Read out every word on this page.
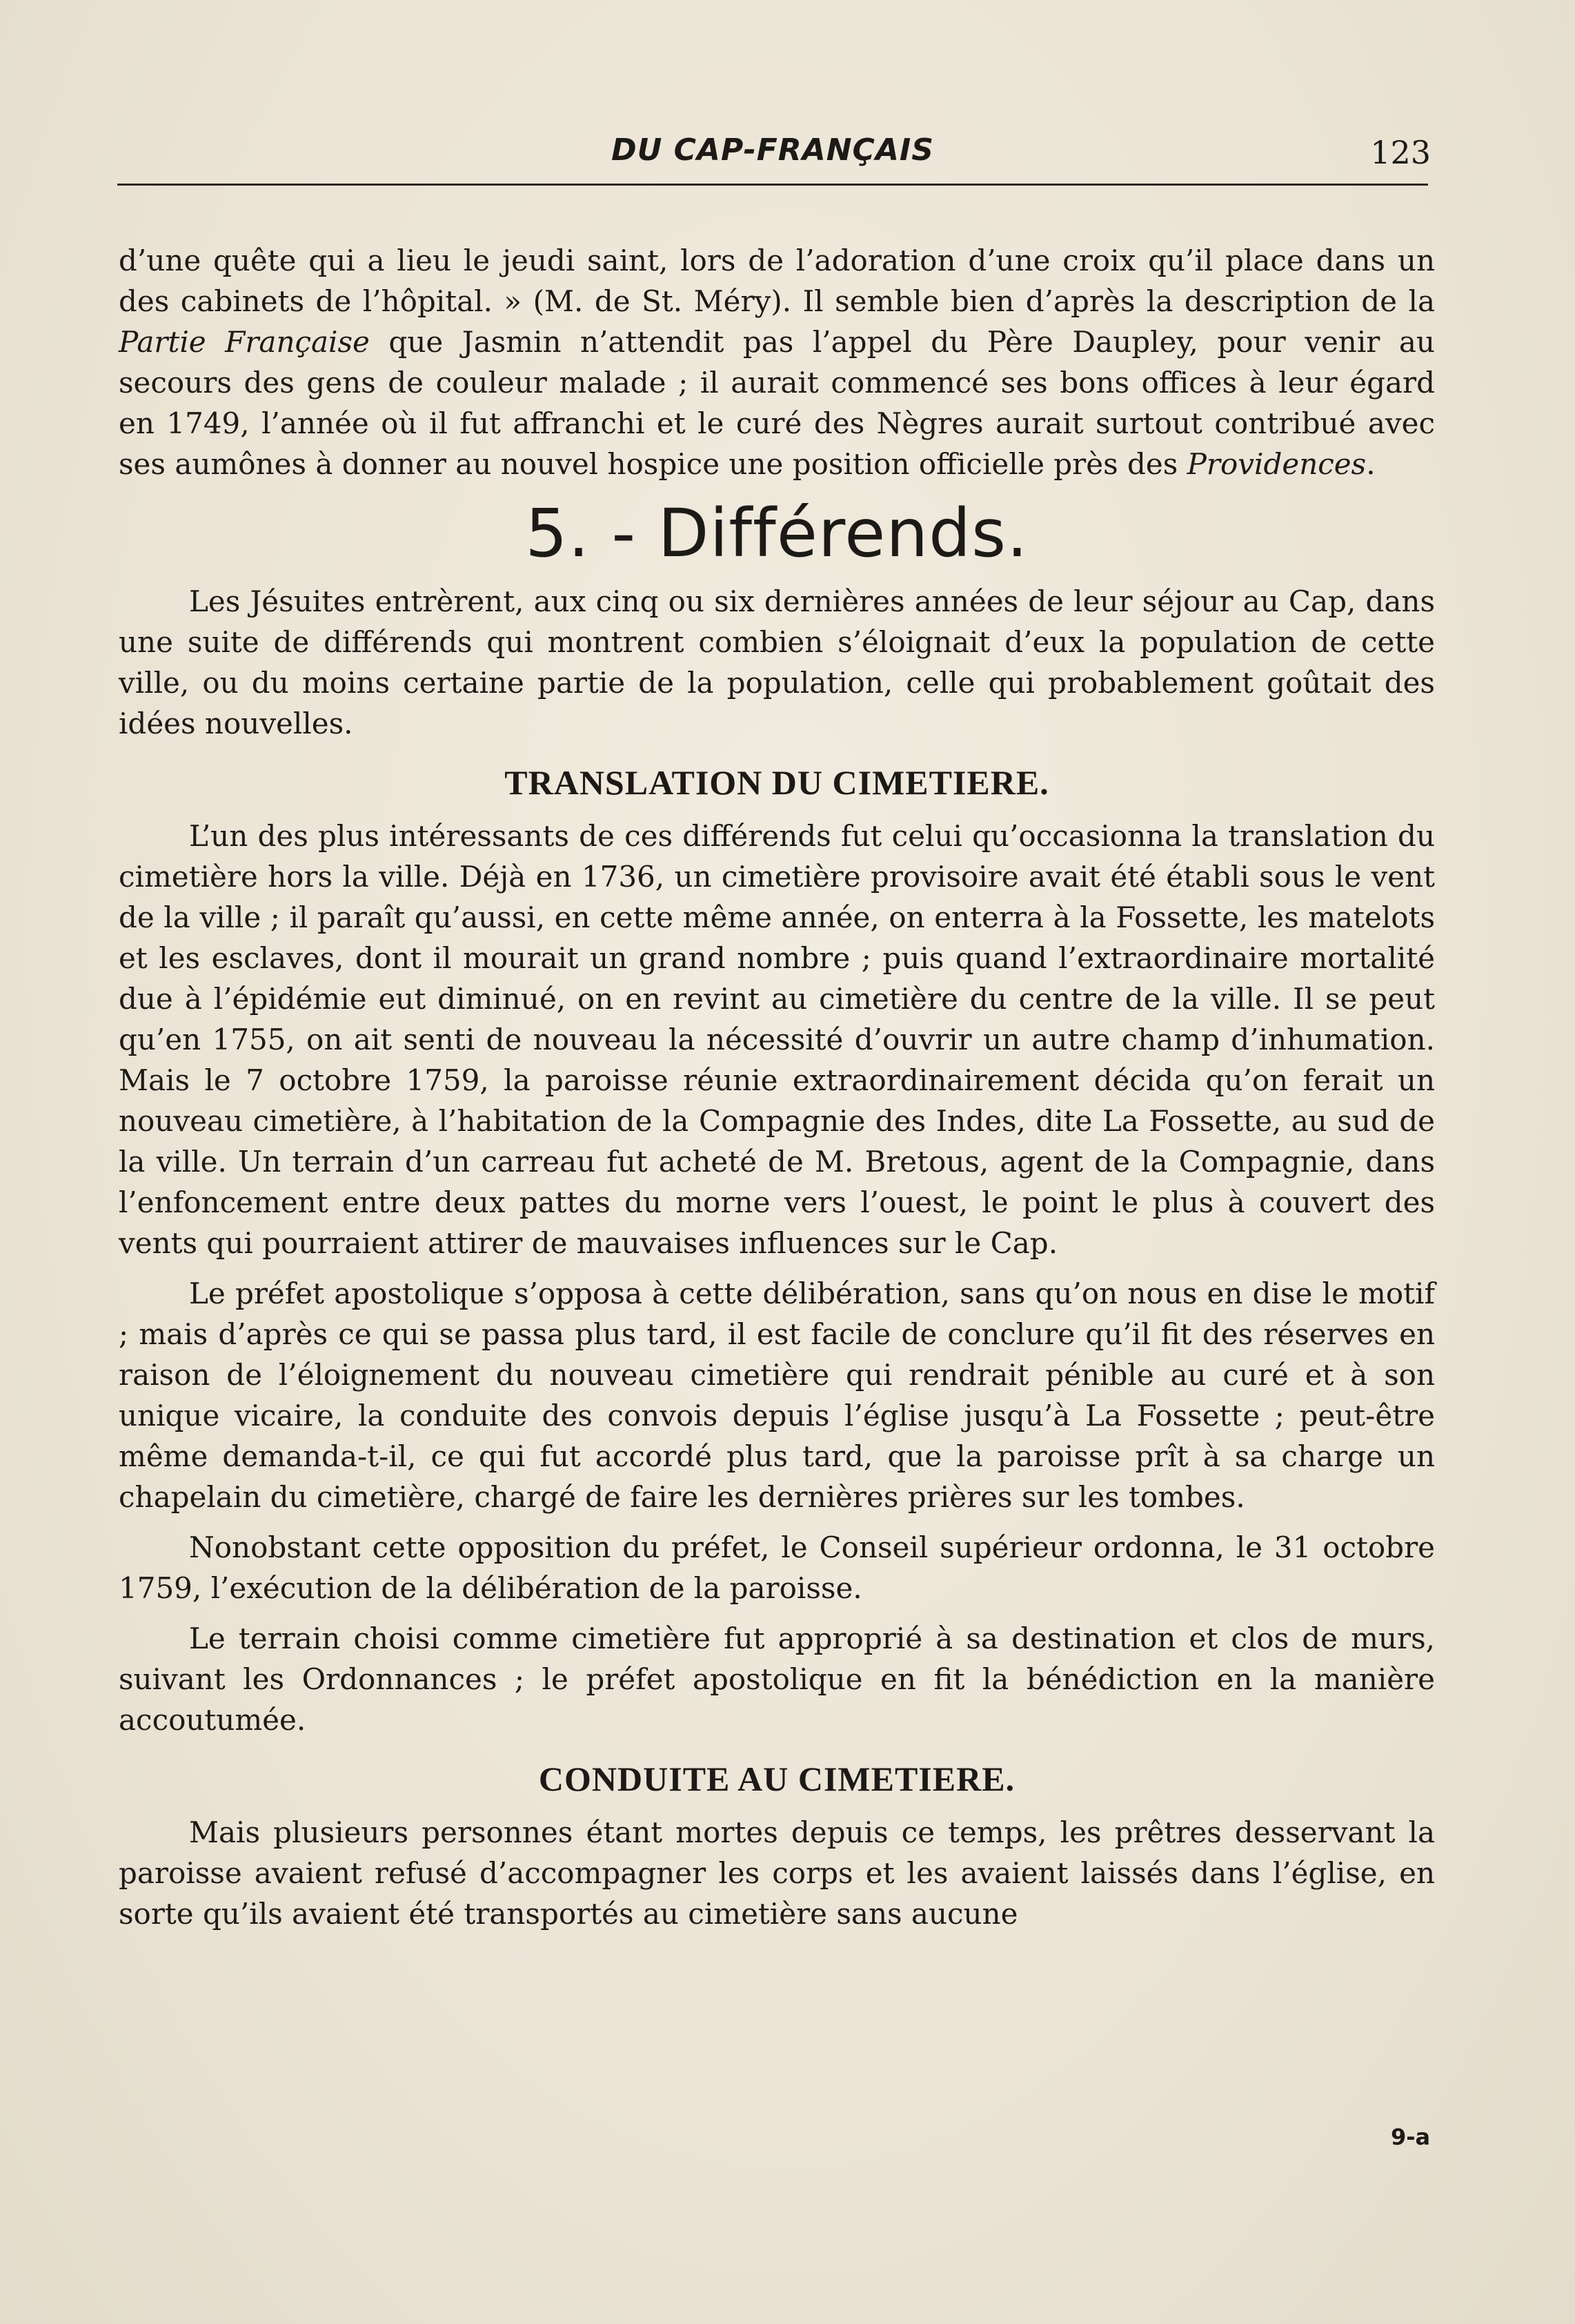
DU CAP-FRANÇAIS	123

d’une quête qui a lieu le jeudi saint, lors de l’adoration d’une croix qu’il place dans un des cabinets de l’hôpital. » (M. de St. Méry). Il semble bien d’après la description de la Partie Française que Jasmin n’attendit pas l’appel du Père Daupley, pour venir au secours des gens de couleur malade ; il aurait commencé ses bons offices à leur égard en 1749, l’année où il fut affranchi et le curé des Nègres aurait surtout contribué avec ses aumônes à donner au nouvel hospice une position officielle près des Providences.

5. - Différends.

Les Jésuites entrèrent, aux cinq ou six dernières années de leur séjour au Cap, dans une suite de différends qui montrent combien s’éloignait d’eux la population de cette ville, ou du moins certaine partie de la population, celle qui probablement goûtait des idées nouvelles.

TRANSLATION DU CIMETIERE.

L’un des plus intéressants de ces différends fut celui qu’occasionna la translation du cimetière hors la ville. Déjà en 1736, un cimetière provisoire avait été établi sous le vent de la ville ; il paraît qu’aussi, en cette même année, on enterra à la Fossette, les matelots et les esclaves, dont il mourait un grand nombre ; puis quand l’extraordinaire mortalité due à l’épidémie eut diminué, on en revint au cimetière du centre de la ville. Il se peut qu’en 1755, on ait senti de nouveau la nécessité d’ouvrir un autre champ d’inhumation. Mais le 7 octobre 1759, la paroisse réunie extraordinairement décida qu’on ferait un nouveau cimetière, à l’habitation de la Compagnie des Indes, dite La Fossette, au sud de la ville. Un terrain d’un carreau fut acheté de M. Bretous, agent de la Compagnie, dans l’enfoncement entre deux pattes du morne vers l’ouest, le point le plus à couvert des vents qui pourraient attirer de mauvaises influences sur le Cap.

Le préfet apostolique s’opposa à cette délibération, sans qu’on nous en dise le motif ; mais d’après ce qui se passa plus tard, il est facile de conclure qu’il fit des réserves en raison de l’éloignement du nouveau cimetière qui rendrait pénible au curé et à son unique vicaire, la conduite des convois depuis l’église jusqu’à La Fossette ; peut-être même demanda-t-il, ce qui fut accordé plus tard, que la paroisse prît à sa charge un chapelain du cimetière, chargé de faire les dernières prières sur les tombes.

Nonobstant cette opposition du préfet, le Conseil supérieur ordonna, le 31 octobre 1759, l’exécution de la délibération de la paroisse.

Le terrain choisi comme cimetière fut approprié à sa destination et clos de murs, suivant les Ordonnances ; le préfet apostolique en fit la bénédiction en la manière accoutumée.

CONDUITE AU CIMETIERE.

Mais plusieurs personnes étant mortes depuis ce temps, les prêtres desservant la paroisse avaient refusé d’accompagner les corps et les avaient laissés dans l’église, en sorte qu’ils avaient été transportés au cimetière sans aucune

9-a
